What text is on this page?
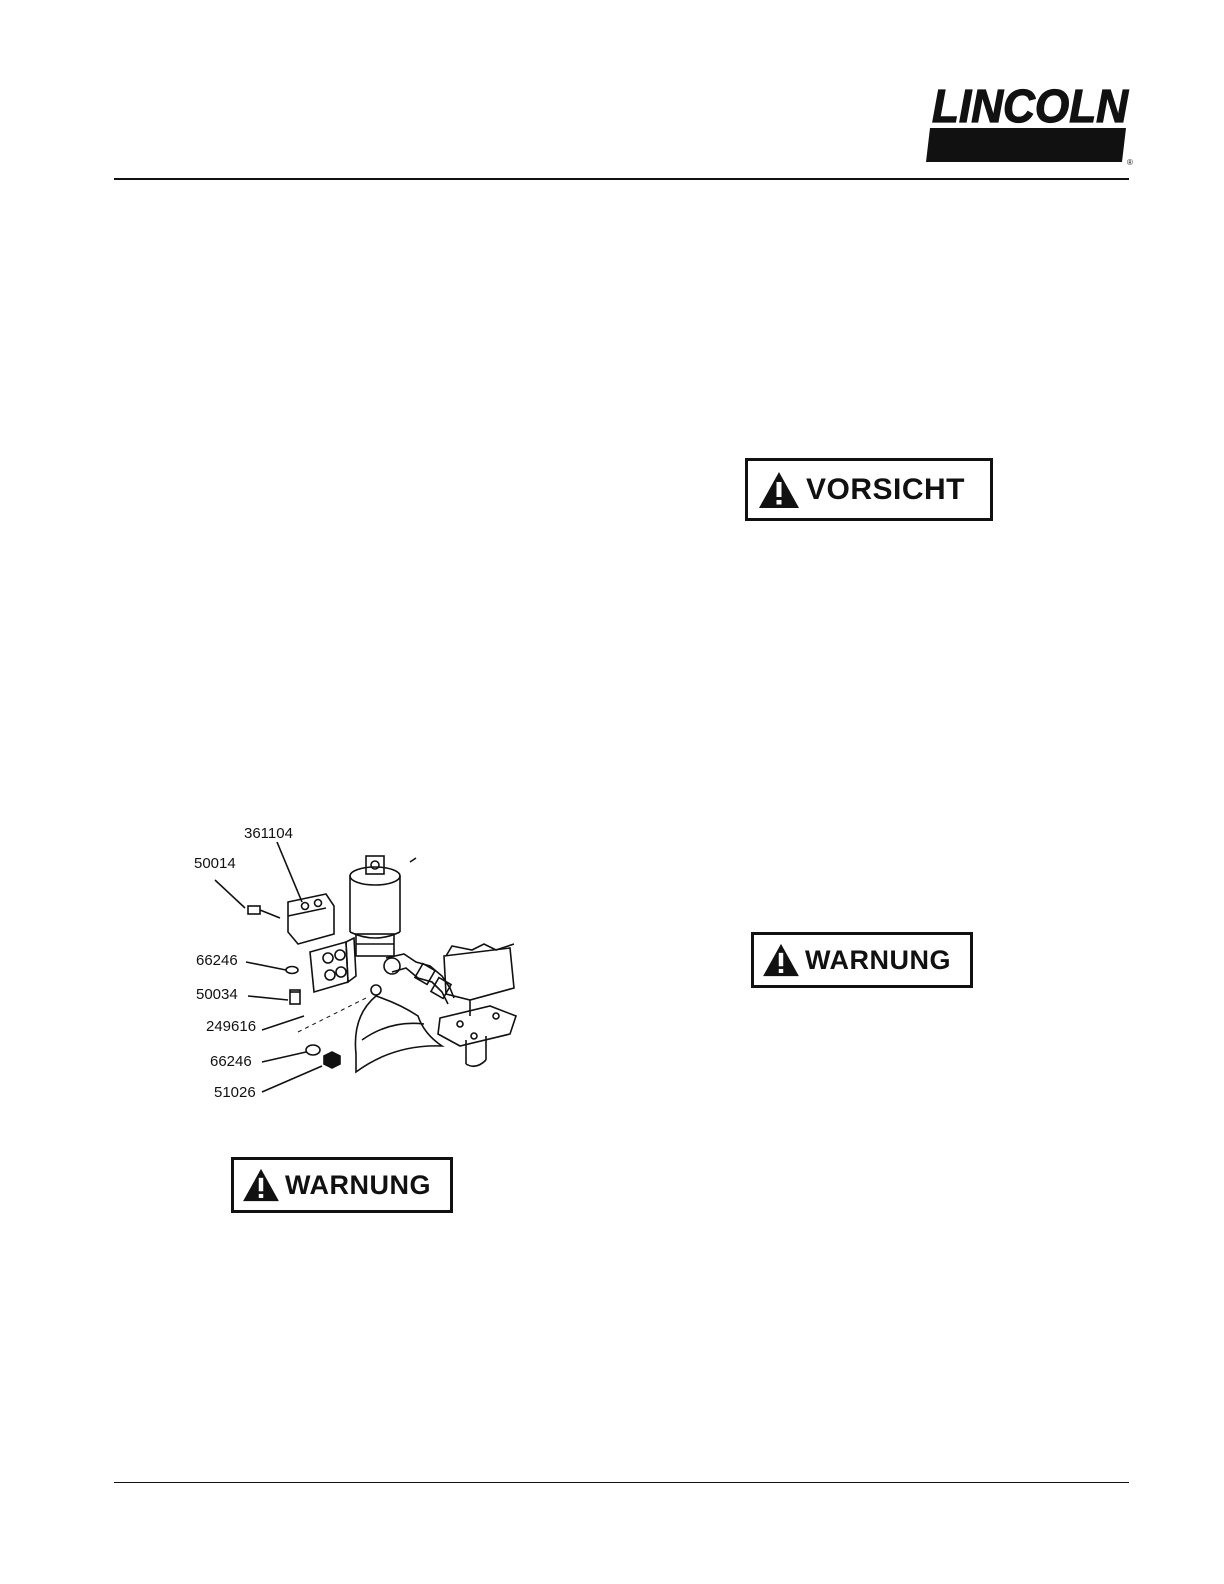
LINCOLN
®
VORSICHT
WARNUNG
361104
50014
66246
50034
249616
66246
51026
WARNUNG
